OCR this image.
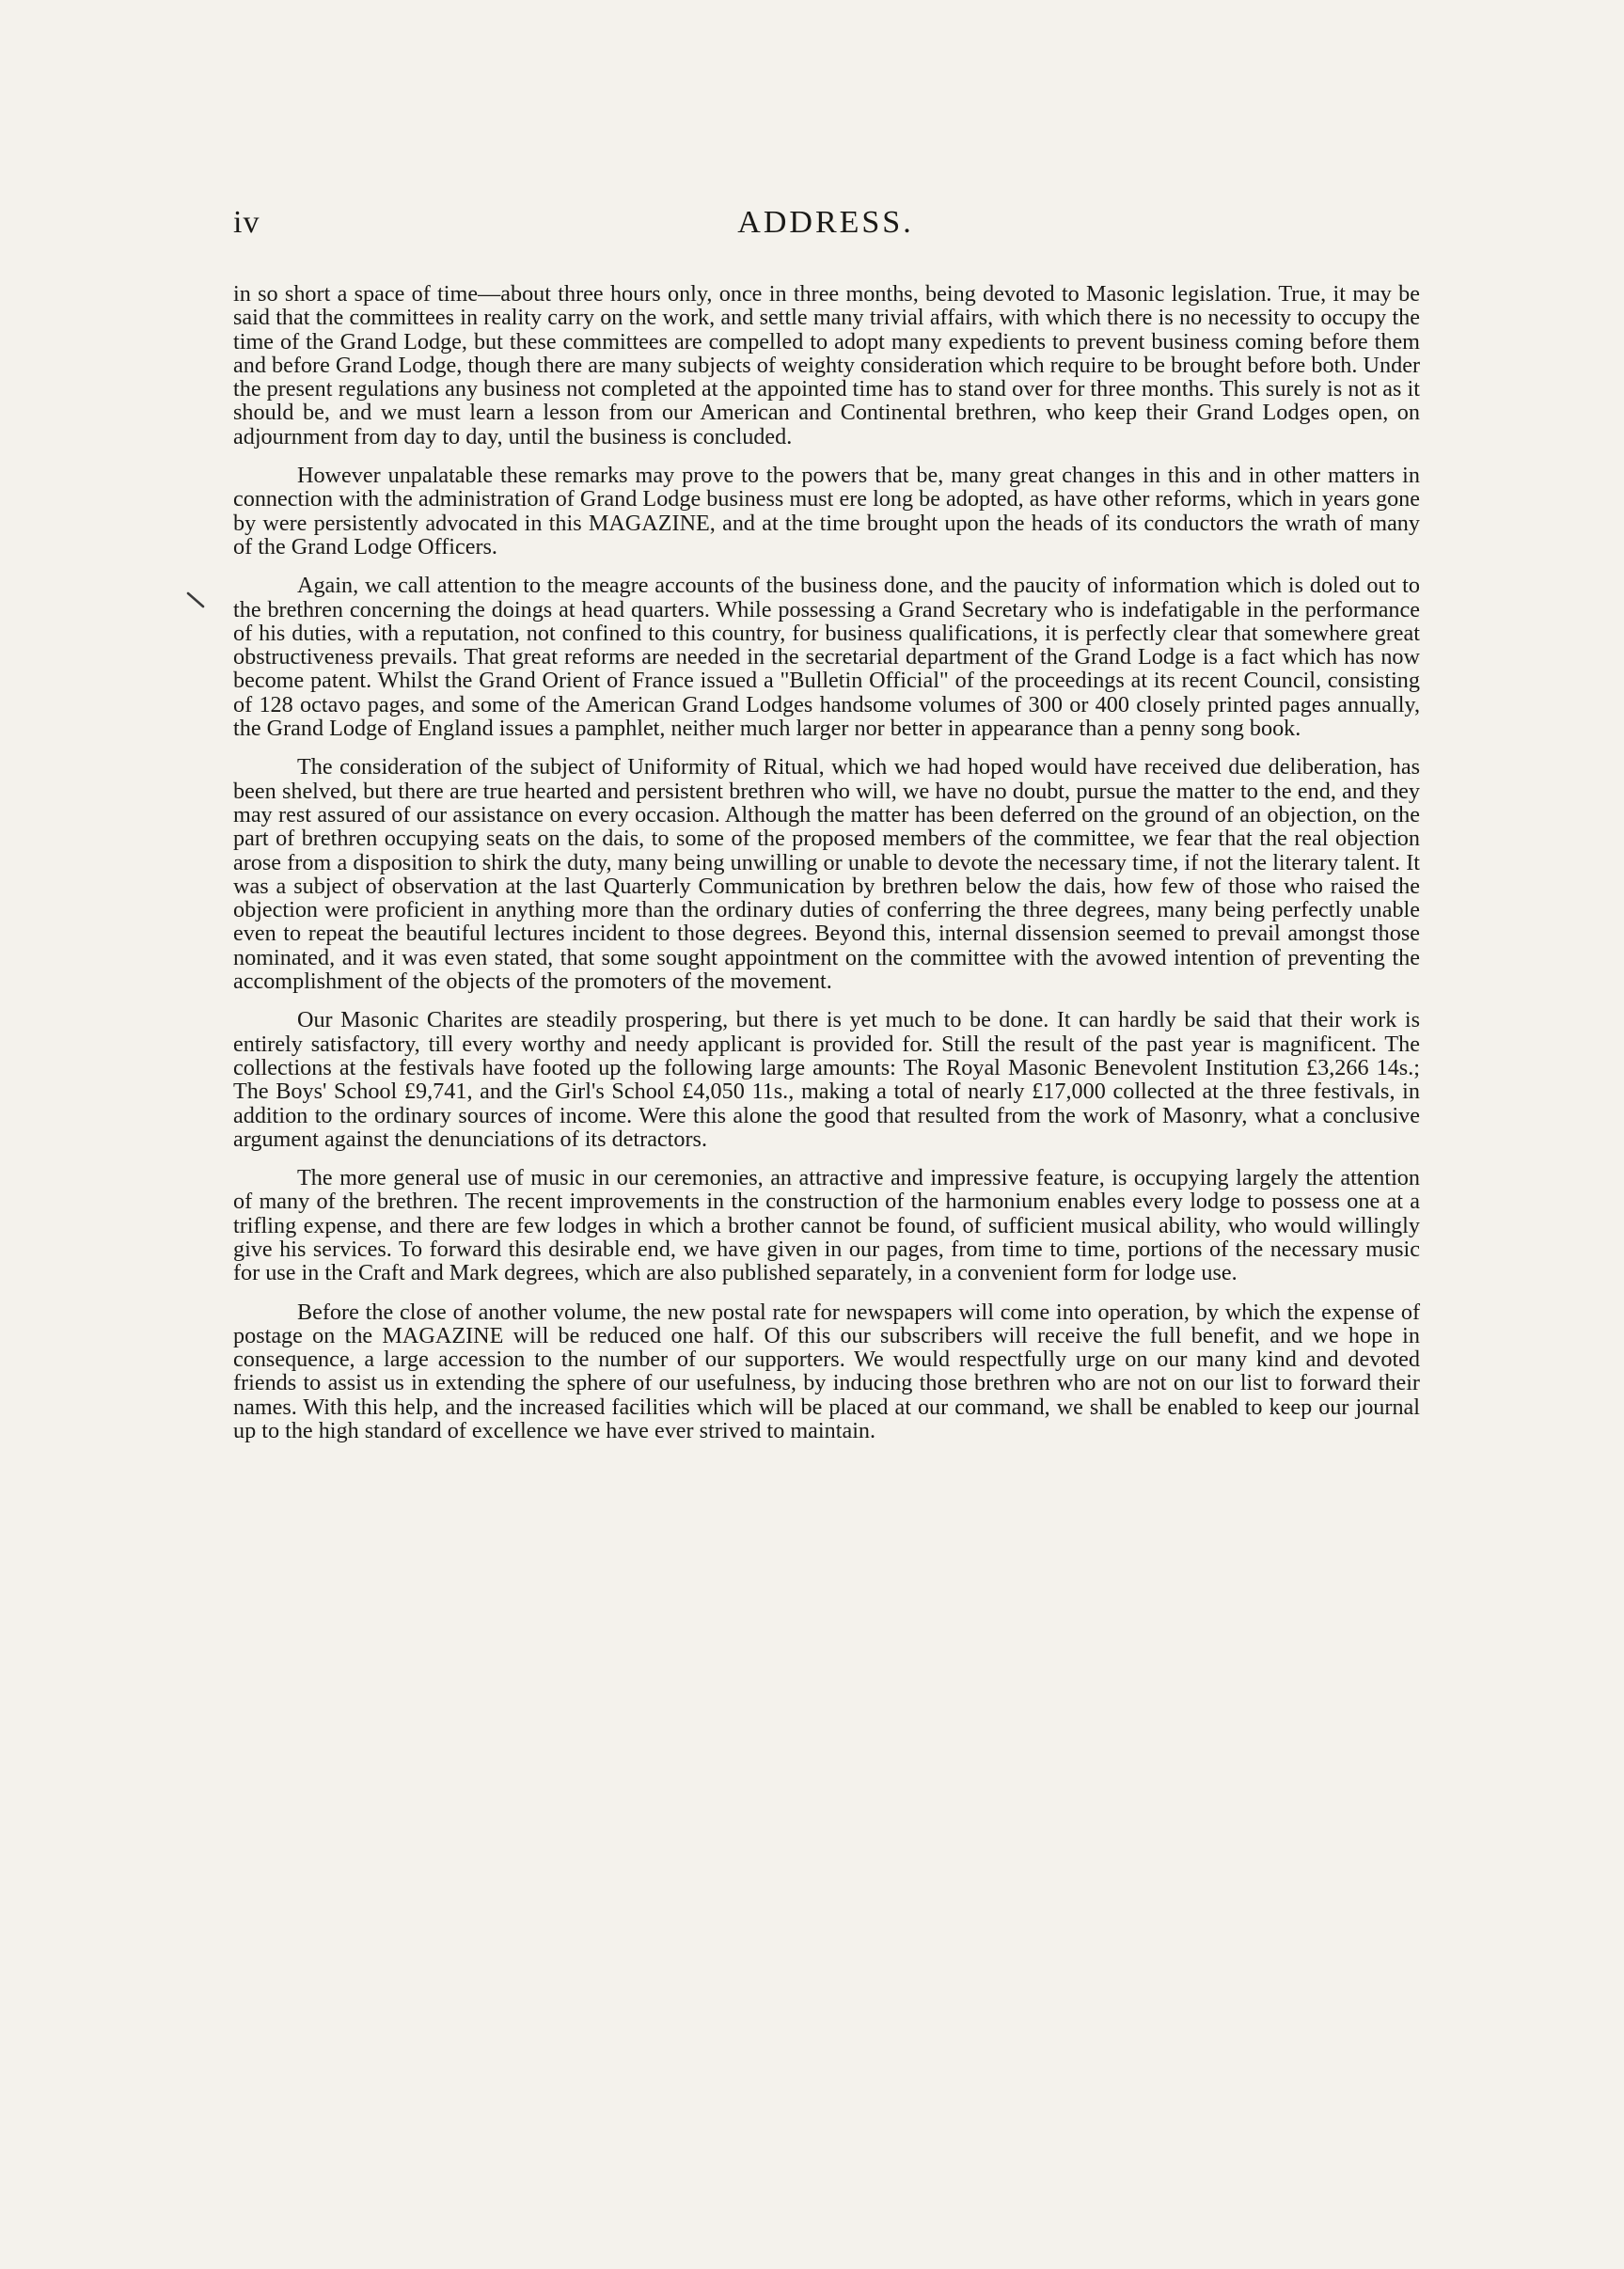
iv	ADDRESS.

in so short a space of time—about three hours only, once in three months, being devoted to Masonic legislation. True, it may be said that the committees in reality carry on the work, and settle many trivial affairs, with which there is no necessity to occupy the time of the Grand Lodge, but these committees are compelled to adopt many expedients to prevent business coming before them and before Grand Lodge, though there are many subjects of weighty consideration which require to be brought before both. Under the present regulations any business not completed at the appointed time has to stand over for three months. This surely is not as it should be, and we must learn a lesson from our American and Continental brethren, who keep their Grand Lodges open, on adjournment from day to day, until the business is concluded.

However unpalatable these remarks may prove to the powers that be, many great changes in this and in other matters in connection with the administration of Grand Lodge business must ere long be adopted, as have other reforms, which in years gone by were persistently advocated in this MAGAZINE, and at the time brought upon the heads of its conductors the wrath of many of the Grand Lodge Officers.

Again, we call attention to the meagre accounts of the business done, and the paucity of information which is doled out to the brethren concerning the doings at head quarters. While possessing a Grand Secretary who is indefatigable in the performance of his duties, with a reputation, not confined to this country, for business qualifications, it is perfectly clear that somewhere great obstructiveness prevails. That great reforms are needed in the secretarial department of the Grand Lodge is a fact which has now become patent. Whilst the Grand Orient of France issued a "Bulletin Official" of the proceedings at its recent Council, consisting of 128 octavo pages, and some of the American Grand Lodges handsome volumes of 300 or 400 closely printed pages annually, the Grand Lodge of England issues a pamphlet, neither much larger nor better in appearance than a penny song book.

The consideration of the subject of Uniformity of Ritual, which we had hoped would have received due deliberation, has been shelved, but there are true hearted and persistent brethren who will, we have no doubt, pursue the matter to the end, and they may rest assured of our assistance on every occasion. Although the matter has been deferred on the ground of an objection, on the part of brethren occupying seats on the dais, to some of the proposed members of the committee, we fear that the real objection arose from a disposition to shirk the duty, many being unwilling or unable to devote the necessary time, if not the literary talent. It was a subject of observation at the last Quarterly Communication by brethren below the dais, how few of those who raised the objection were proficient in anything more than the ordinary duties of conferring the three degrees, many being perfectly unable even to repeat the beautiful lectures incident to those degrees. Beyond this, internal dissension seemed to prevail amongst those nominated, and it was even stated, that some sought appointment on the committee with the avowed intention of preventing the accomplishment of the objects of the promoters of the movement.

Our Masonic Charites are steadily prospering, but there is yet much to be done. It can hardly be said that their work is entirely satisfactory, till every worthy and needy applicant is provided for. Still the result of the past year is magnificent. The collections at the festivals have footed up the following large amounts: The Royal Masonic Benevolent Institution £3,266 14s.; The Boys' School £9,741, and the Girl's School £4,050 11s., making a total of nearly £17,000 collected at the three festivals, in addition to the ordinary sources of income. Were this alone the good that resulted from the work of Masonry, what a conclusive argument against the denunciations of its detractors.

The more general use of music in our ceremonies, an attractive and impressive feature, is occupying largely the attention of many of the brethren. The recent improvements in the construction of the harmonium enables every lodge to possess one at a trifling expense, and there are few lodges in which a brother cannot be found, of sufficient musical ability, who would willingly give his services. To forward this desirable end, we have given in our pages, from time to time, portions of the necessary music for use in the Craft and Mark degrees, which are also published separately, in a convenient form for lodge use.

Before the close of another volume, the new postal rate for newspapers will come into operation, by which the expense of postage on the MAGAZINE will be reduced one half. Of this our subscribers will receive the full benefit, and we hope in consequence, a large accession to the number of our supporters. We would respectfully urge on our many kind and devoted friends to assist us in extending the sphere of our usefulness, by inducing those brethren who are not on our list to forward their names. With this help, and the increased facilities which will be placed at our command, we shall be enabled to keep our journal up to the high standard of excellence we have ever strived to maintain.
